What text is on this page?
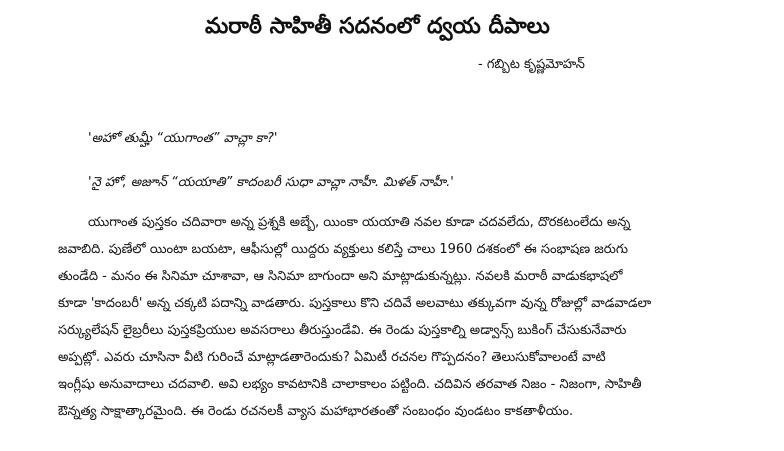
మరాఠీ సాహితీ సదనంలో ద్వయ దీపాలు
- గబ్బిట కృష్ణమోహన్
'అహో తుమ్హీ “యుగాంత” వాచ్లా కా?'
'నై హో, అజూన్ “యయాతి” కాదంబరీ సుధా వాచ్లా నాహీ. మిళత్ నాహీ.'
యుగాంత పుస్తకం చదివారా అన్న ప్రశ్నకి అబ్బే, యింకా యయాతి నవల కూడా చదవలేదు, దొరకటంలేదు అన్న
జవాబిది. పుణేలో యింటా బయటా, ఆఫీసుల్లో యిద్దరు వ్యక్తులు కలిస్తే చాలు 1960 దశకంలో ఈ సంభాషణ జరుగు
తుండేది - మనం ఈ సినిమా చూశావా, ఆ సినిమా బాగుందా అని మాట్లాడుకున్నట్లు. నవలకి మరాఠీ వాడుకభాషలో
కూడా 'కాదంబరీ' అన్న చక్కటి పదాన్ని వాడతారు. పుస్తకాలు కొని చదివే అలవాటు తక్కువగా వున్న రోజుల్లో వాడవాడలా
సర్క్యులేషన్ లైబ్రరీలు పుస్తకప్రియుల అవసరాలు తీరుస్తుండేవి. ఈ రెండు పుస్తకాల్ని అడ్వాన్స్ బుకింగ్ చేసుకునేవారు
అప్పట్లో. ఎవరు చూసినా వీటి గురించే మాట్లాడతారెందుకు? ఏమిటీ రచనల గొప్పదనం? తెలుసుకోవాలంటే వాటి
ఇంగ్లీషు అనువాదాలు చదవాలి. అవి లభ్యం కావటానికి చాలాకాలం పట్టింది. చదివిన తరవాత నిజం - నిజంగా, సాహితీ
ఔన్నత్య సాక్షాత్కారమైంది. ఈ రెండు రచనలకీ వ్యాస మహాభారతంతో సంబంధం వుండటం కాకతాళీయం.
